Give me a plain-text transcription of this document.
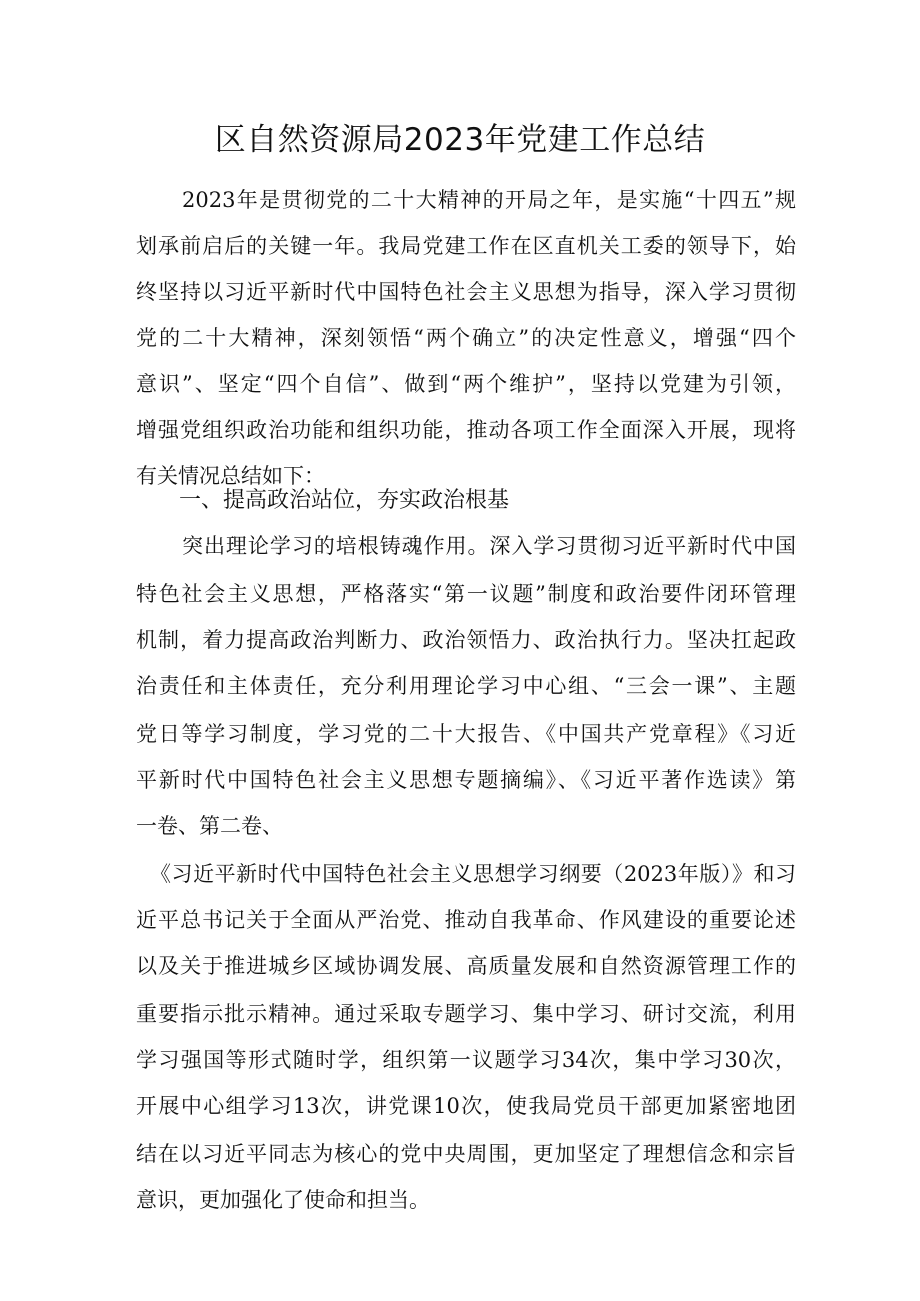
区自然资源局2023年党建工作总结

2023年是贯彻党的二十大精神的开局之年，是实施“十四五”规

划承前启后的关键一年。我局党建工作在区直机关工委的领导下，始

终坚持以习近平新时代中国特色社会主义思想为指导，深入学习贯彻

党的二十大精神，深刻领悟“两个确立”的决定性意义，增强“四个

意识”、坚定“四个自信”、做到“两个维护”，坚持以党建为引领，

增强党组织政治功能和组织功能，推动各项工作全面深入开展，现将

有关情况总结如下：

一、提高政治站位，夯实政治根基

突出理论学习的培根铸魂作用。深入学习贯彻习近平新时代中国

特色社会主义思想，严格落实“第一议题”制度和政治要件闭环管理

机制，着力提高政治判断力、政治领悟力、政治执行力。坚决扛起政

治责任和主体责任，充分利用理论学习中心组、“三会一课”、主题

党日等学习制度，学习党的二十大报告、《中国共产党章程》《习近

平新时代中国特色社会主义思想专题摘编》、《习近平著作选读》第

一卷、第二卷、

《习近平新时代中国特色社会主义思想学习纲要（2023年版）》和习

近平总书记关于全面从严治党、推动自我革命、作风建设的重要论述

以及关于推进城乡区域协调发展、高质量发展和自然资源管理工作的

重要指示批示精神。通过采取专题学习、集中学习、研讨交流，利用

学习强国等形式随时学，组织第一议题学习34次，集中学习30次，

开展中心组学习13次，讲党课10次，使我局党员干部更加紧密地团

结在以习近平同志为核心的党中央周围，更加坚定了理想信念和宗旨

意识，更加强化了使命和担当。
